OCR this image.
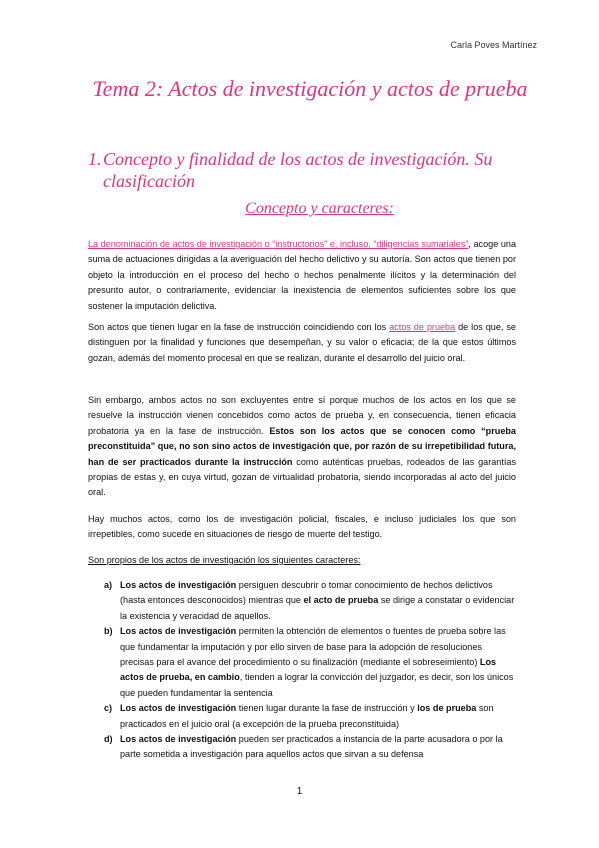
Carla Poves Martínez
Tema 2: Actos de investigación y actos de prueba
1. Concepto y finalidad de los actos de investigación. Su clasificación
Concepto y caracteres:

La denominación de actos de investigación o “instructorios” e, incluso, “diligencias sumariales”, acoge una suma de actuaciones dirigidas a la averiguación del hecho delictivo y su autoría. Son actos que tienen por objeto la introducción en el proceso del hecho o hechos penalmente ilícitos y la determinación del presunto autor, o contrariamente, evidenciar la inexistencia de elementos suficientes sobre los que sostener la imputación delictiva.

Son actos que tienen lugar en la fase de instrucción coincidiendo con los actos de prueba de los que, se distinguen por la finalidad y funciones que desempeñan, y su valor o eficacia; de la que estos últimos gozan, además del momento procesal en que se realizan, durante el desarrollo del juicio oral.

Sin embargo, ambos actos no son excluyentes entre sí porque muchos de los actos en los que se resuelve la instrucción vienen concebidos como actos de prueba y, en consecuencia, tienen eficacia probatoria ya en la fase de instrucción. Estos son los actos que se conocen como “prueba preconstituida” que, no son sino actos de investigación que, por razón de su irrepetibilidad futura, han de ser practicados durante la instrucción como auténticas pruebas, rodeados de las garantías propias de estas y, en cuya virtud, gozan de virtualidad probatoria, siendo incorporadas al acto del juicio oral.

Hay muchos actos, como los de investigación policial, fiscales, e incluso judiciales los que son irrepetibles, como sucede en situaciones de riesgo de muerte del testigo.

Son propios de los actos de investigación los siguientes caracteres:

a) Los actos de investigación persiguen descubrir o tomar conocimiento de hechos delictivos (hasta entonces desconocidos) mientras que el acto de prueba se dirige a constatar o evidenciar la existencia y veracidad de aquellos.
b) Los actos de investigación permiten la obtención de elementos o fuentes de prueba sobre las que fundamentar la imputación y por ello sirven de base para la adopción de resoluciones precisas para el avance del procedimiento o su finalización (mediante el sobreseimiento) Los actos de prueba, en cambio, tienden a lograr la convicción del juzgador, es decir, son los únicos que pueden fundamentar la sentencia
c) Los actos de investigación tienen lugar durante la fase de instrucción y los de prueba son practicados en el juicio oral (a excepción de la prueba preconstituida)
d) Los actos de investigación pueden ser practicados a instancia de la parte acusadora o por la parte sometida a investigación para aquellos actos que sirvan a su defensa
1
